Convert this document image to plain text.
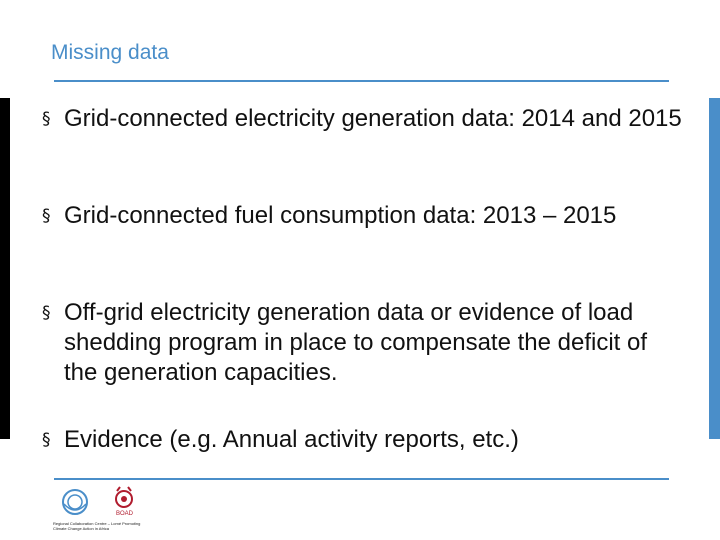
Missing data
§ Grid-connected electricity generation data: 2014 and 2015
§ Grid-connected fuel consumption data: 2013 – 2015
§ Off-grid electricity generation data or evidence of load shedding program in place to compensate the deficit of the generation capacities.
§ Evidence (e.g. Annual activity reports, etc.)
BOAD
Regional Collaboration Centre – Lomé Promoting Climate Change Action in Africa
